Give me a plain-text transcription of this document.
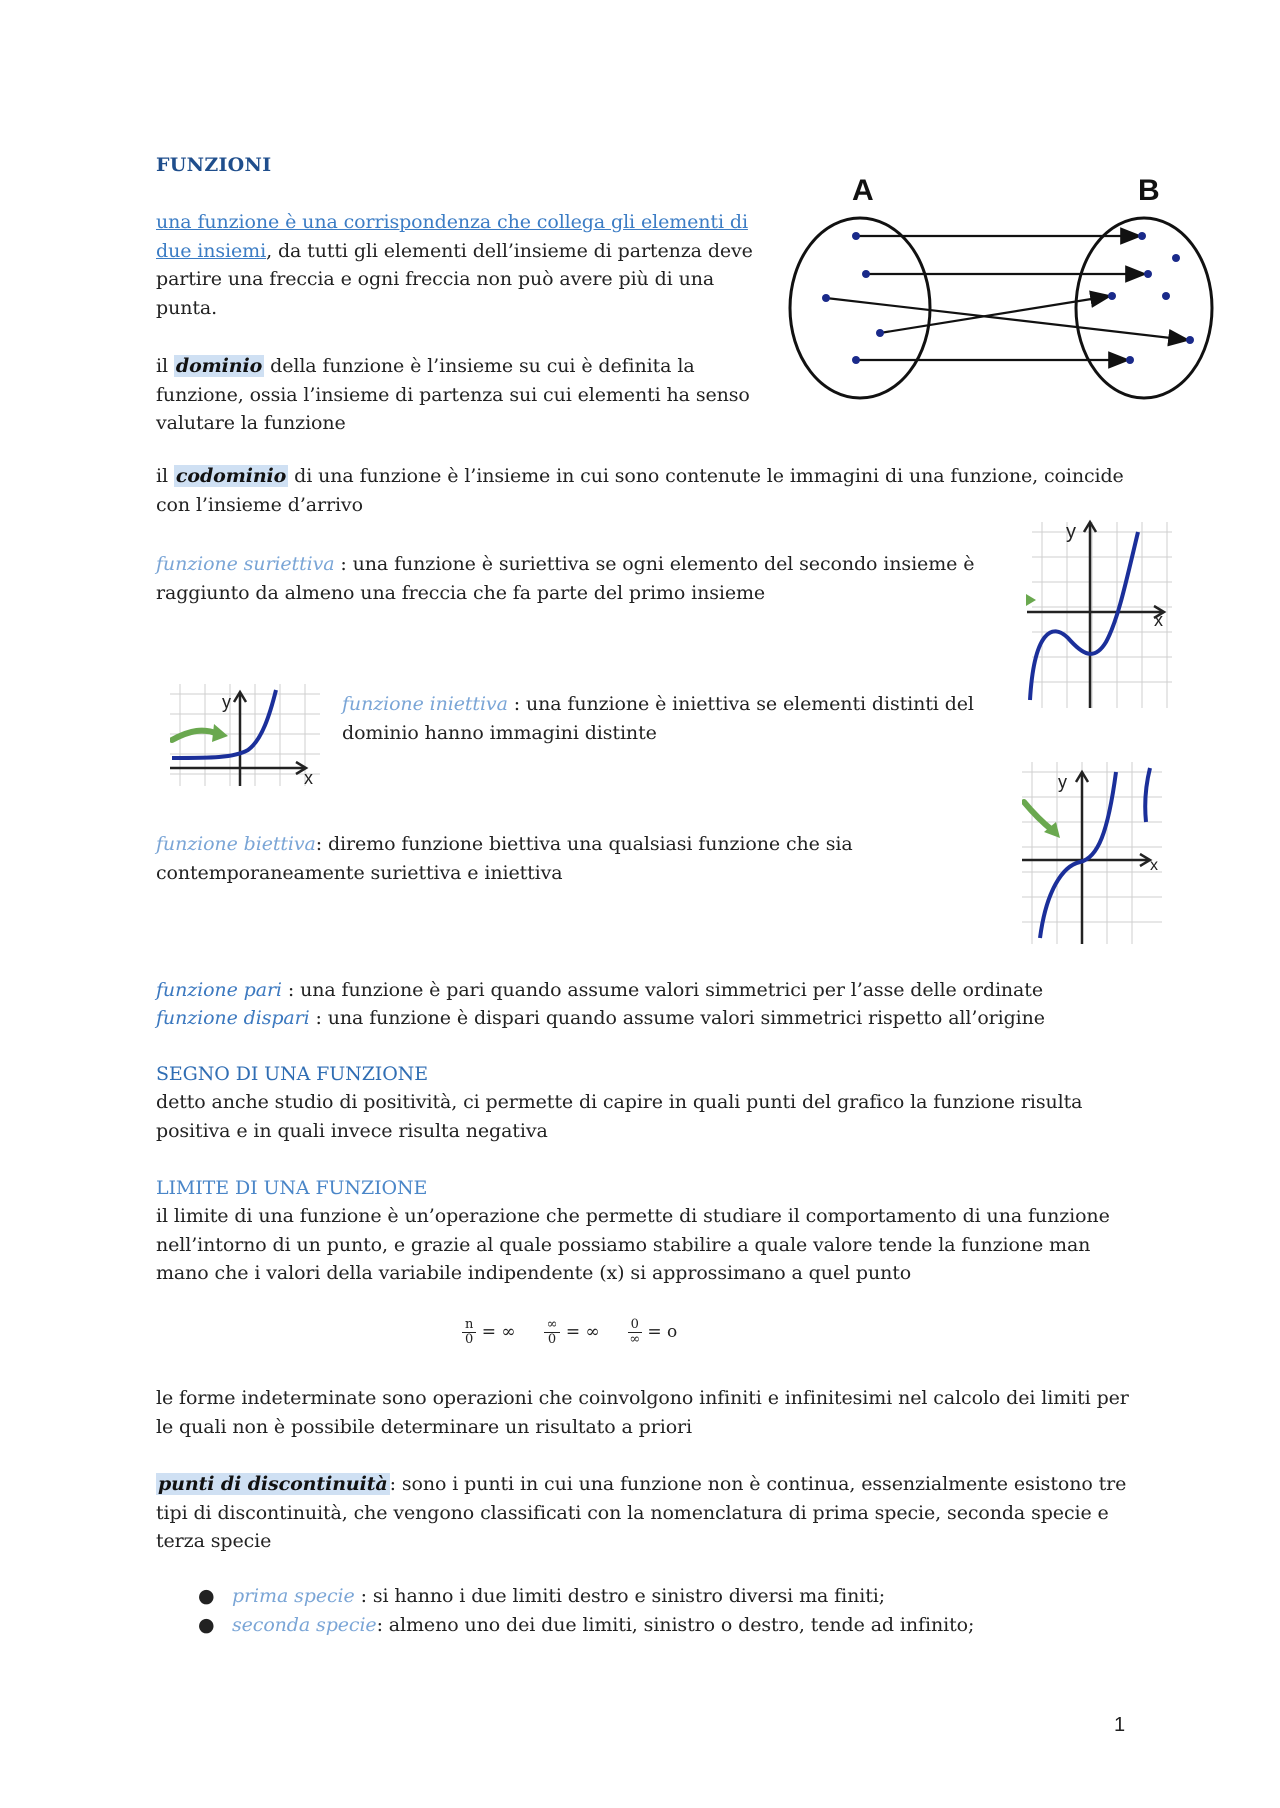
FUNZIONI
una funzione è una corrispondenza che collega gli elementi di due insiemi, da tutti gli elementi dell’insieme di partenza deve partire una freccia e ogni freccia non può avere più di una punta.
il dominio della funzione è l’insieme su cui è definita la funzione, ossia l’insieme di partenza sui cui elementi ha senso valutare la funzione
A	B
il codominio di una funzione è l’insieme in cui sono contenute le immagini di una funzione, coincide con l’insieme d’arrivo
funzione suriettiva : una funzione è suriettiva se ogni elemento del secondo insieme è raggiunto da almeno una freccia che fa parte del primo insieme
y
x
y
x
funzione iniettiva : una funzione è iniettiva se elementi distinti del dominio hanno immagini distinte
y
x
funzione biettiva: diremo funzione biettiva una qualsiasi funzione che sia contemporaneamente suriettiva e iniettiva
funzione pari : una funzione è pari quando assume valori simmetrici per l’asse delle ordinate
funzione dispari : una funzione è dispari quando assume valori simmetrici rispetto all’origine
SEGNO DI UNA FUNZIONE
detto anche studio di positività, ci permette di capire in quali punti del grafico la funzione risulta positiva e in quali invece risulta negativa
LIMITE DI UNA FUNZIONE
il limite di una funzione è un’operazione che permette di studiare il comportamento di una funzione nell’intorno di un punto, e grazie al quale possiamo stabilire a quale valore tende la funzione man mano che i valori della variabile indipendente (x) si approssimano a quel punto
$\frac{n}{0}$ = ∞ $\frac{\infty}{0}$ = ∞ $\frac{0}{\infty} = o$
le forme indeterminate sono operazioni che coinvolgono infiniti e infinitesimi nel calcolo dei limiti per le quali non è possibile determinare un risultato a priori
punti di discontinuità : sono i punti in cui una funzione non è continua, essenzialmente esistono tre tipi di discontinuità, che vengono classificati con la nomenclatura di prima specie, seconda specie e terza specie
● prima specie : si hanno i due limiti destro e sinistro diversi ma finiti;
● seconda specie: almeno uno dei due limiti, sinistro o destro, tende ad infinito;
1
